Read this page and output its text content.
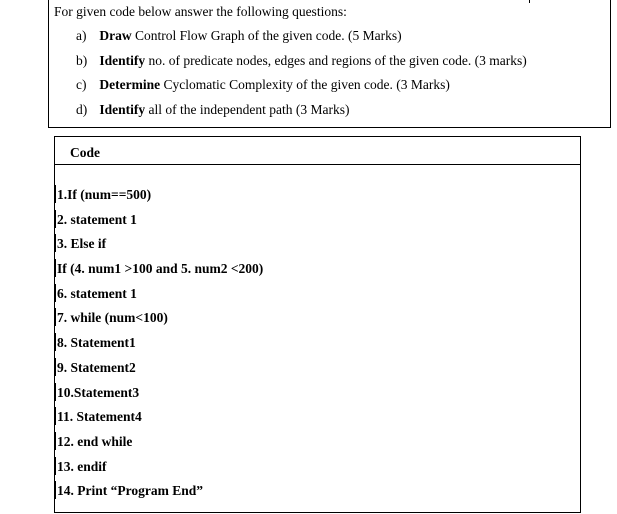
For given code below answer the following questions:
a) Draw Control Flow Graph of the given code. (5 Marks)
b) Identify no. of predicate nodes, edges and regions of the given code. (3 marks)
c) Determine Cyclomatic Complexity of the given code. (3 Marks)
d) Identify all of the independent path (3 Marks)
Code
1.If (num==500)
2. statement 1
3. Else if
If (4. num1 >100 and 5. num2 <200)
6. statement 1
7. while (num<100)
8. Statement1
9. Statement2
10.Statement3
11. Statement4
12. end while
13. endif
14. Print “Program End”
